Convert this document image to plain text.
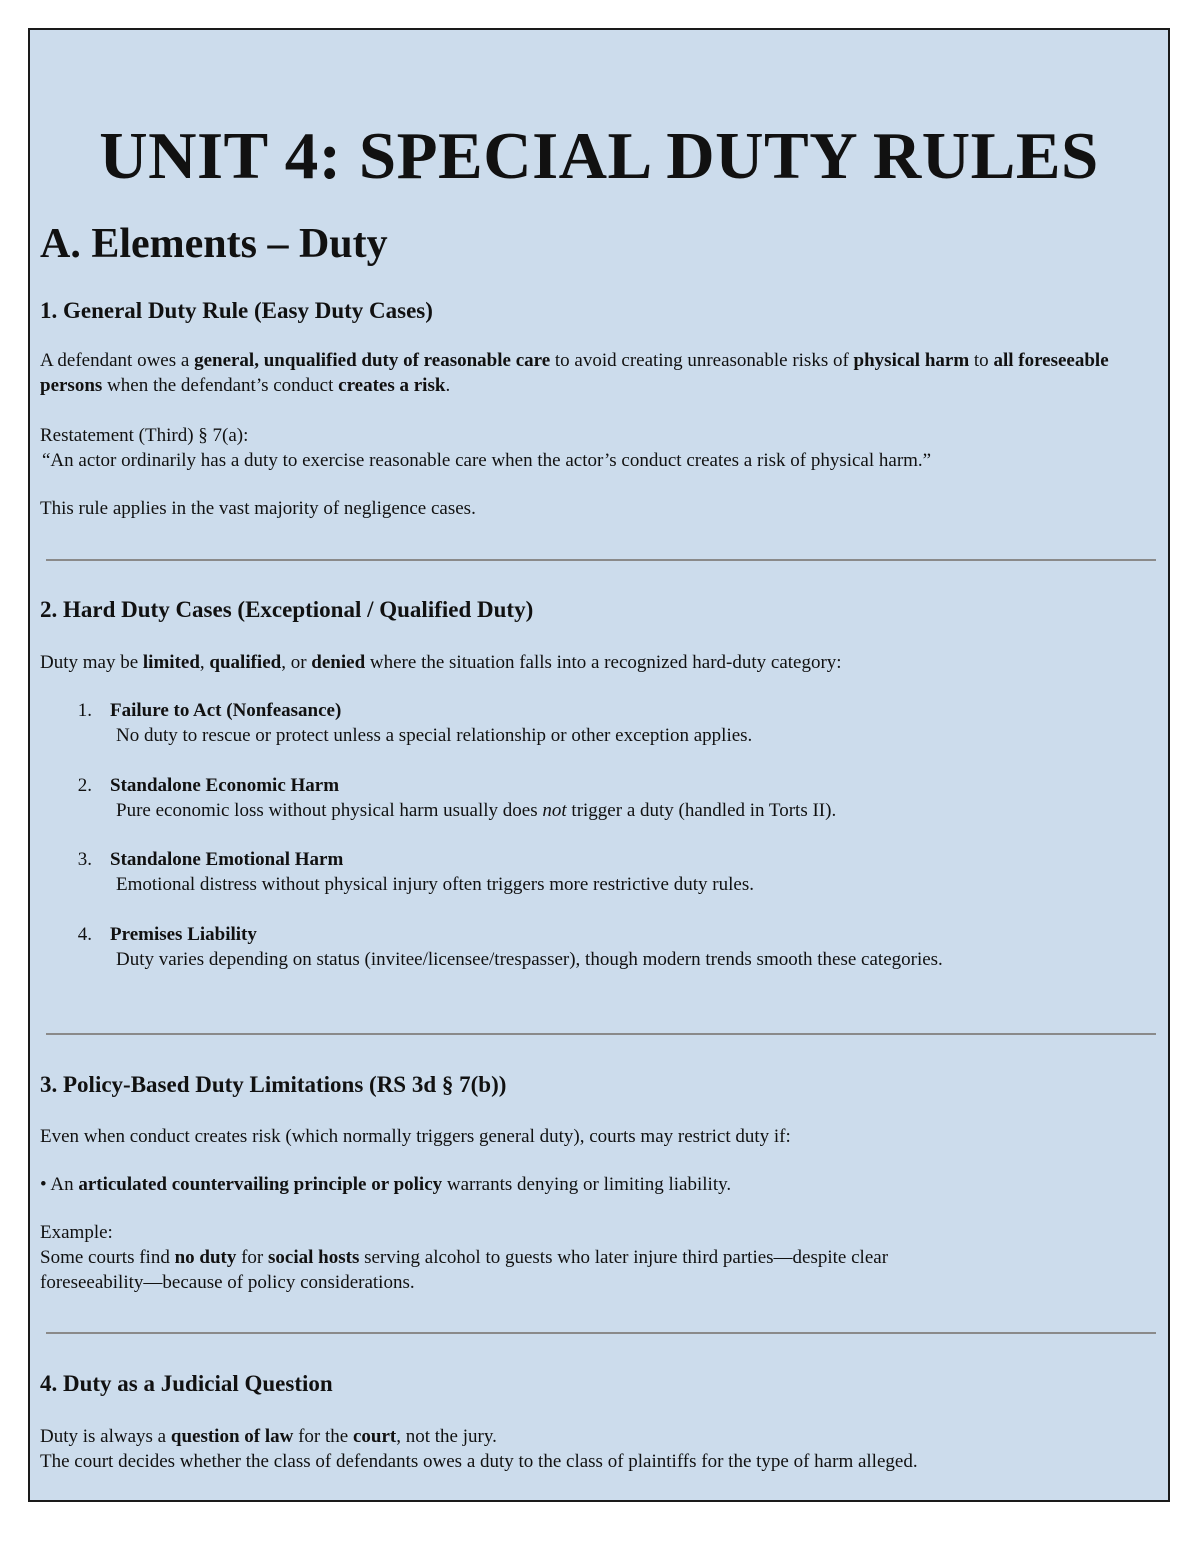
UNIT 4: SPECIAL DUTY RULES
A. Elements – Duty
1. General Duty Rule (Easy Duty Cases)

A defendant owes a general, unqualified duty of reasonable care to avoid creating unreasonable risks of physical harm to all foreseeable persons when the defendant’s conduct creates a risk.

Restatement (Third) § 7(a):

“An actor ordinarily has a duty to exercise reasonable care when the actor’s conduct creates a risk of physical harm.”

This rule applies in the vast majority of negligence cases.

2. Hard Duty Cases (Exceptional / Qualified Duty)

Duty may be limited, qualified, or denied where the situation falls into a recognized hard-duty category:

1. Failure to Act (Nonfeasance)
No duty to rescue or protect unless a special relationship or other exception applies.
2. Standalone Economic Harm
Pure economic loss without physical harm usually does not trigger a duty (handled in Torts II).
3. Standalone Emotional Harm
Emotional distress without physical injury often triggers more restrictive duty rules.
4. Premises Liability
Duty varies depending on status (invitee/licensee/trespasser), though modern trends smooth these categories.
3. Policy-Based Duty Limitations (RS 3d § 7(b))

Even when conduct creates risk (which normally triggers general duty), courts may restrict duty if:

• An articulated countervailing principle or policy warrants denying or limiting liability.

Example:

Some courts find no duty for social hosts serving alcohol to guests who later injure third parties—despite clear
foreseeability—because of policy considerations.

4. Duty as a Judicial Question

Duty is always a question of law for the court, not the jury.

The court decides whether the class of defendants owes a duty to the class of plaintiffs for the type of harm alleged.
